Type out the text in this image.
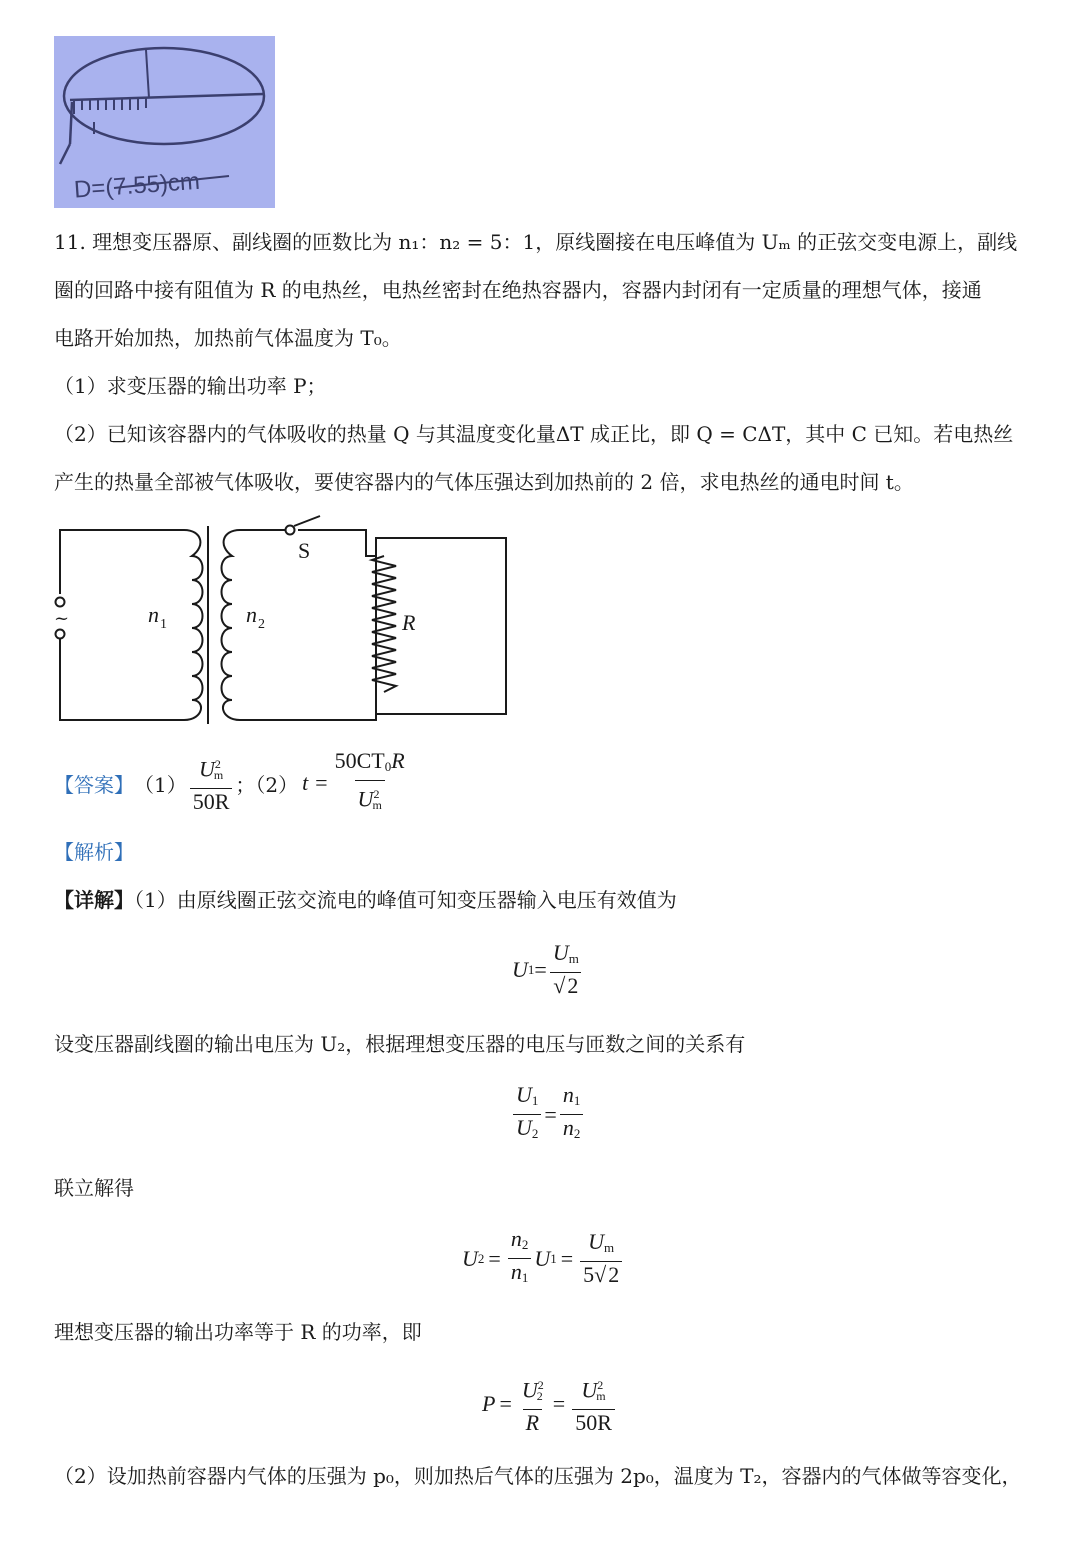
D=(7.55)cm
11. 理想变压器原、副线圈的匝数比为 n₁：n₂ = 5：1，原线圈接在电压峰值为 Uₘ 的正弦交变电源上，副线
圈的回路中接有阻值为 R 的电热丝，电热丝密封在绝热容器内，容器内封闭有一定质量的理想气体，接通
电路开始加热，加热前气体温度为 T₀。
（1）求变压器的输出功率 P；
（2）已知该容器内的气体吸收的热量 Q 与其温度变化量ΔT 成正比，即 Q = CΔT，其中 C 已知。若电热丝
产生的热量全部被气体吸收，要使容器内的气体压强达到加热前的 2 倍，求电热丝的通电时间 t。
~	n 1	n 2
S
R
【答案】 $(1) \frac{U^2_m}{50R}$ ；（2） $t = \frac{50CT_0R}{U^2_m}$
【解析】
【详解】（1）由原线圈正弦交流电的峰值可知变压器输入电压有效值为
U $1 = \frac{U_m}{√2}$
设变压器副线圈的输出电压为 U₂，根据理想变压器的电压与匝数之间的关系有
$\frac{U_1}{U_2} = \frac{n_1}{n_2}$
联立解得
U $2 = \frac{n_2}{n_1}$ U $1 = \frac{U_m}{5√2}$
理想变压器的输出功率等于 R 的功率，即
$P = \frac{U^2_2}{R} = \frac{U^2_m}{50R}$
（2）设加热前容器内气体的压强为 p₀，则加热后气体的压强为 2p₀，温度为 T₂，容器内的气体做等容变化，
